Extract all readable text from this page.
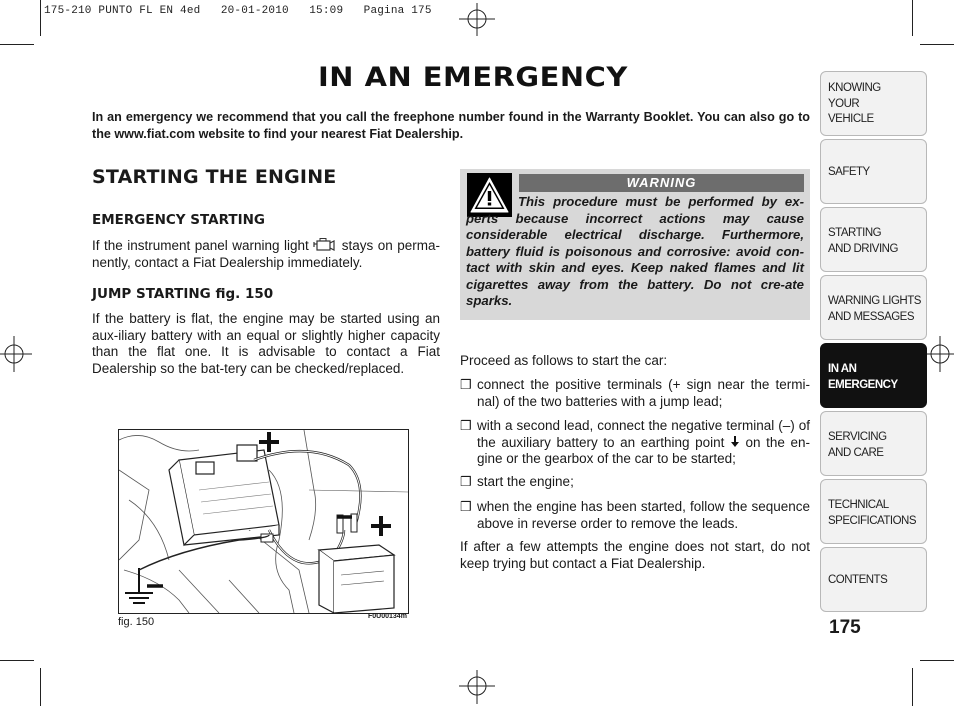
175-210 PUNTO FL EN 4ed   20-01-2010   15:09   Pagina 175
IN AN EMERGENCY
In an emergency we recommend that you call the freephone number found in the Warranty Booklet. You can also go to the www.fiat.com website to find your nearest Fiat Dealership.
STARTING THE ENGINE
EMERGENCY STARTING
If the instrument panel warning light stays on perma-nently, contact a Fiat Dealership immediately.
JUMP STARTING fig. 150
If the battery is flat, the engine may be started using an aux-iliary battery with an equal or slightly higher capacity than the flat one. It is advisable to contact a Fiat Dealership so the bat-tery can be checked/replaced.
fig. 150	F0U00134m
WARNING
This procedure must be performed by ex-perts because incorrect actions may cause considerable electrical discharge. Furthermore, battery fluid is poisonous and corrosive: avoid con-tact with skin and eyes. Keep naked flames and lit cigarettes away from the battery. Do not cre-ate sparks.
Proceed as follows to start the car:
❒ connect the positive terminals (+ sign near the termi-nal) of the two batteries with a jump lead;
❒ with a second lead, connect the negative terminal (–) of the auxiliary battery to an earthing point on the en-gine or the gearbox of the car to be started;
❒ start the engine;
❒ when the engine has been started, follow the sequence above in reverse order to remove the leads.
If after a few attempts the engine does not start, do not keep trying but contact a Fiat Dealership.
KNOWING
YOUR
VEHICLE
SAFETY
STARTING
AND DRIVING
WARNING LIGHTS
AND MESSAGES
IN AN
EMERGENCY
SERVICING
AND CARE
TECHNICAL
SPECIFICATIONS
CONTENTS
175
